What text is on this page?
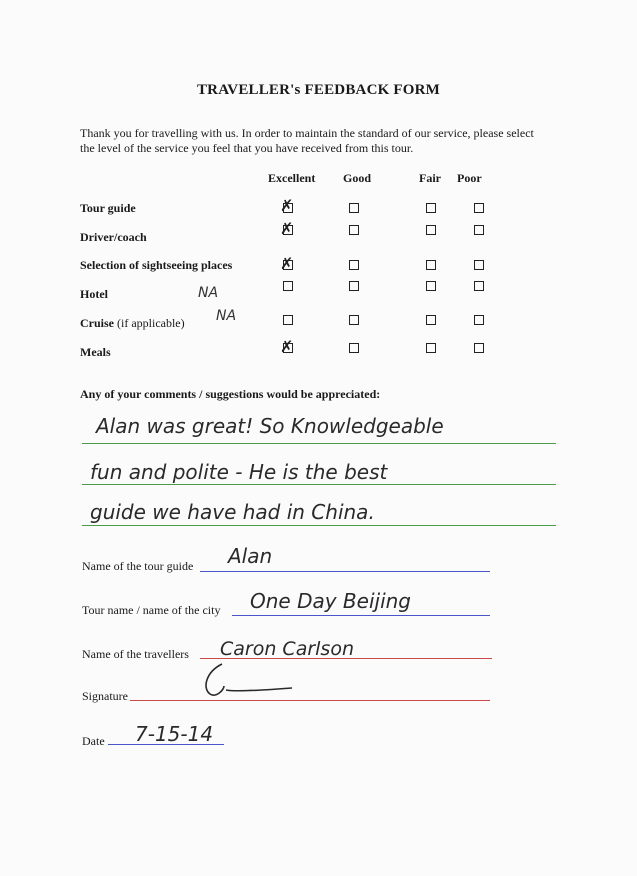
TRAVELLER's FEEDBACK FORM
Thank you for travelling with us. In order to maintain the standard of our service, please select the level of the service you feel that you have received from this tour.
Excellent Good	Fair Poor
Tour guide
Driver/coach
Selection of sightseeing places
Hotel
Cruise (if applicable)
Meals
✗
✗
✗
NA
NA
✗
Any of your comments / suggestions would be appreciated:
Alan was great! So Knowledgeable
fun and polite - He is the best
guide we have had in China.
Name of the tour guide Alan
Tour name / name of the city One Day Beijing
Name of the travellers Caron Carlson
Signature
Date 7-15-14
